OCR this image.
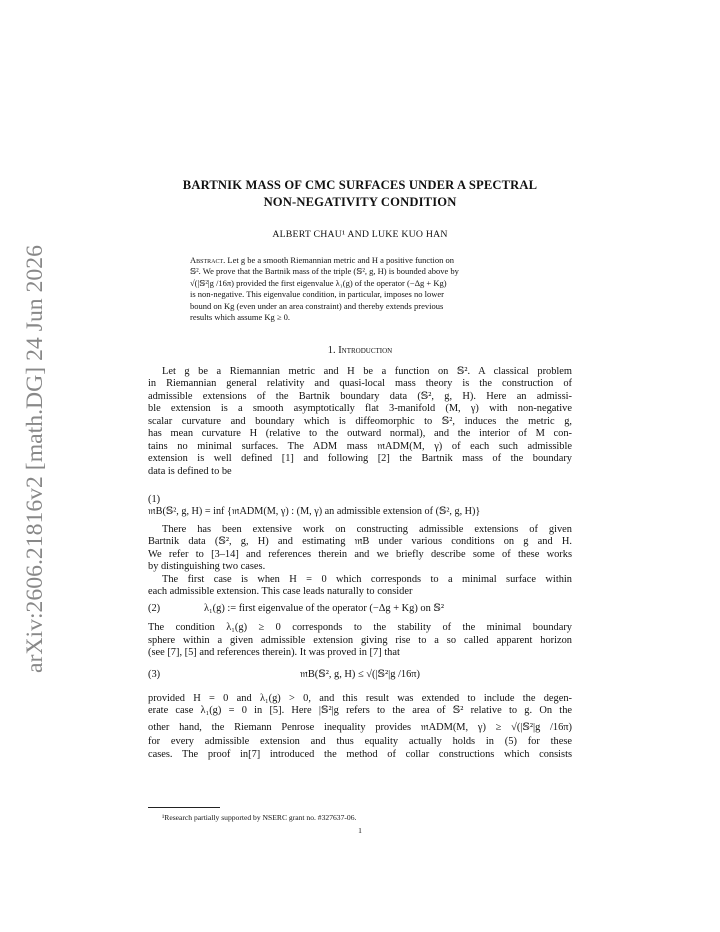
arXiv:2606.21816v2 [math.DG] 24 Jun 2026
BARTNIK MASS OF CMC SURFACES UNDER A SPECTRAL
NON-NEGATIVITY CONDITION
ALBERT CHAU¹ AND LUKE KUO HAN
Abstract. Let g be a smooth Riemannian metric and H a positive function on
𝕊². We prove that the Bartnik mass of the triple (𝕊², g, H) is bounded above by
√(|𝕊²|g /16π) provided the first eigenvalue λ₁(g) of the operator (−Δg + Kg)
is non-negative. This eigenvalue condition, in particular, imposes no lower
bound on Kg (even under an area constraint) and thereby extends previous
results which assume Kg ≥ 0.
1. Introduction
Let g be a Riemannian metric and H be a function on 𝕊². A classical problem
in Riemannian general relativity and quasi-local mass theory is the construction of
admissible extensions of the Bartnik boundary data (𝕊², g, H). Here an admissi-
ble extension is a smooth asymptotically flat 3-manifold (M, γ) with non-negative
scalar curvature and boundary which is diffeomorphic to 𝕊², induces the metric g,
has mean curvature H (relative to the outward normal), and the interior of M con-
tains no minimal surfaces. The ADM mass 𝔪ADM(M, γ) of each such admissible
extension is well defined [1] and following [2] the Bartnik mass of the boundary
data is defined to be
(1)
𝔪B(𝕊², g, H) = inf {𝔪ADM(M, γ) : (M, γ) an admissible extension of (𝕊², g, H)}
There has been extensive work on constructing admissible extensions of given
Bartnik data (𝕊², g, H) and estimating 𝔪B under various conditions on g and H.
We refer to [3–14] and references therein and we briefly describe some of these works
by distinguishing two cases.
The first case is when H = 0 which corresponds to a minimal surface within
each admissible extension. This case leads naturally to consider
(2)	λ₁(g) := first eigenvalue of the operator (−Δg + Kg) on 𝕊²
The condition λ₁(g) ≥ 0 corresponds to the stability of the minimal boundary
sphere within a given admissible extension giving rise to a so called apparent horizon
(see [7], [5] and references therein). It was proved in [7] that
(3)	𝔪B(𝕊², g, H) ≤ √(|𝕊²|g /16π)
provided H = 0 and λ₁(g) > 0, and this result was extended to include the degen-
erate case λ₁(g) = 0 in [5]. Here |𝕊²|g refers to the area of 𝕊² relative to g. On the
other hand, the Riemann Penrose inequality provides 𝔪ADM(M, γ) ≥ √(|𝕊²|g /16π)
for every admissible extension and thus equality actually holds in (5) for these
cases. The proof in[7] introduced the method of collar constructions which consists
¹Research partially supported by NSERC grant no. #327637-06.
1
